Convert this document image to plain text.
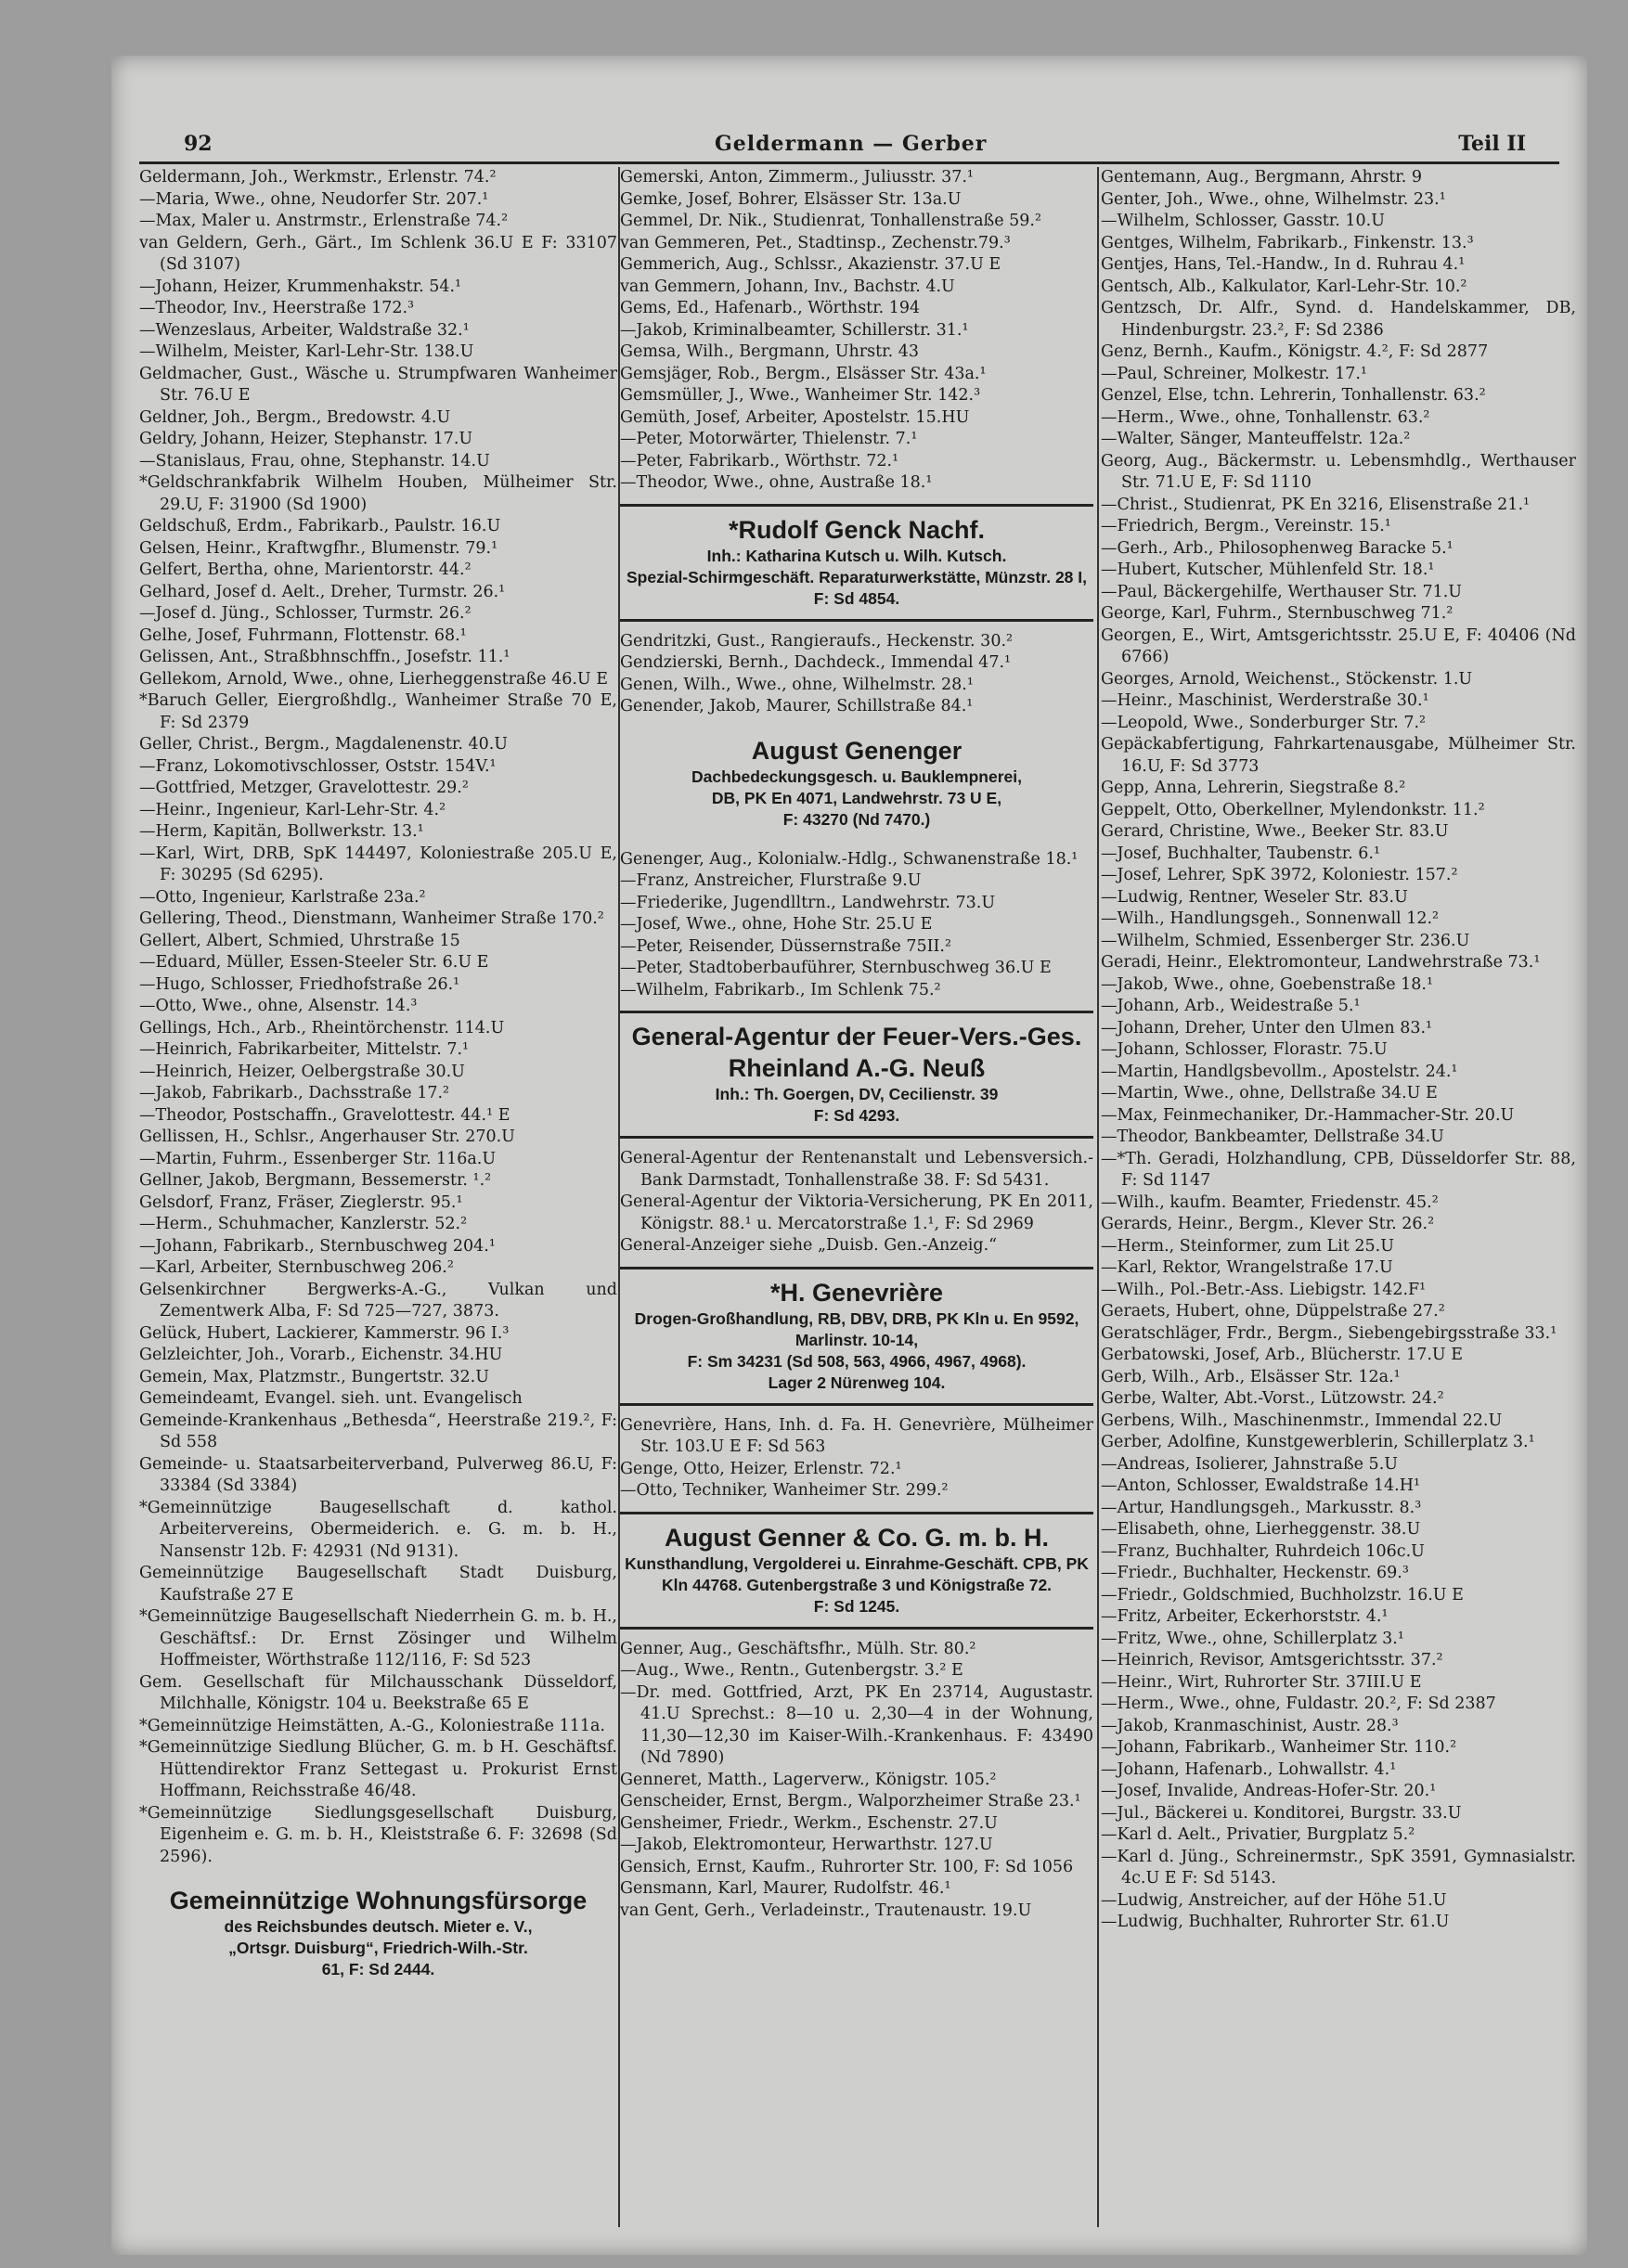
92	Geldermann — Gerber	Teil II

Geldermann, Joh., Werkmstr., Erlenstr. 74.²

—Maria, Wwe., ohne, Neudorfer Str. 207.¹

—Max, Maler u. Anstrmstr., Erlenstraße 74.²

van Geldern, Gerh., Gärt., Im Schlenk 36.U E F: 33107 (Sd 3107)

—Johann, Heizer, Krummenhakstr. 54.¹

—Theodor, Inv., Heerstraße 172.³

—Wenzeslaus, Arbeiter, Waldstraße 32.¹

—Wilhelm, Meister, Karl-Lehr-Str. 138.U

Geldmacher, Gust., Wäsche u. Strumpfwaren Wanheimer Str. 76.U E

Geldner, Joh., Bergm., Bredowstr. 4.U

Geldry, Johann, Heizer, Stephanstr. 17.U

—Stanislaus, Frau, ohne, Stephanstr. 14.U

*Geldschrankfabrik Wilhelm Houben, Mülheimer Str. 29.U, F: 31900 (Sd 1900)

Geldschuß, Erdm., Fabrikarb., Paulstr. 16.U

Gelsen, Heinr., Kraftwgfhr., Blumenstr. 79.¹

Gelfert, Bertha, ohne, Marientorstr. 44.²

Gelhard, Josef d. Aelt., Dreher, Turmstr. 26.¹

—Josef d. Jüng., Schlosser, Turmstr. 26.²

Gelhe, Josef, Fuhrmann, Flottenstr. 68.¹

Gelissen, Ant., Straßbhnschffn., Josefstr. 11.¹

Gellekom, Arnold, Wwe., ohne, Lierheggenstraße 46.U E

*Baruch Geller, Eiergroßhdlg., Wanheimer Straße 70 E, F: Sd 2379

Geller, Christ., Bergm., Magdalenenstr. 40.U

—Franz, Lokomotivschlosser, Oststr. 154V.¹

—Gottfried, Metzger, Gravelottestr. 29.²

—Heinr., Ingenieur, Karl-Lehr-Str. 4.²

—Herm, Kapitän, Bollwerkstr. 13.¹

—Karl, Wirt, DRB, SpK 144497, Koloniestraße 205.U E, F: 30295 (Sd 6295).

—Otto, Ingenieur, Karlstraße 23a.²

Gellering, Theod., Dienstmann, Wanheimer Straße 170.²

Gellert, Albert, Schmied, Uhrstraße 15

—Eduard, Müller, Essen-Steeler Str. 6.U E

—Hugo, Schlosser, Friedhofstraße 26.¹

—Otto, Wwe., ohne, Alsenstr. 14.³

Gellings, Hch., Arb., Rheintörchenstr. 114.U

—Heinrich, Fabrikarbeiter, Mittelstr. 7.¹

—Heinrich, Heizer, Oelbergstraße 30.U

—Jakob, Fabrikarb., Dachsstraße 17.²

—Theodor, Postschaffn., Gravelottestr. 44.¹ E

Gellissen, H., Schlsr., Angerhauser Str. 270.U

—Martin, Fuhrm., Essenberger Str. 116a.U

Gellner, Jakob, Bergmann, Bessemerstr. ¹.²

Gelsdorf, Franz, Fräser, Zieglerstr. 95.¹

—Herm., Schuhmacher, Kanzlerstr. 52.²

—Johann, Fabrikarb., Sternbuschweg 204.¹

—Karl, Arbeiter, Sternbuschweg 206.²

Gelsenkirchner Bergwerks-A.-G., Vulkan und Zementwerk Alba, F: Sd 725—727, 3873.

Gelück, Hubert, Lackierer, Kammerstr. 96 I.³

Gelzleichter, Joh., Vorarb., Eichenstr. 34.HU

Gemein, Max, Platzmstr., Bungertstr. 32.U

Gemeindeamt, Evangel. sieh. unt. Evangelisch

Gemeinde-Krankenhaus „Bethesda“, Heerstraße 219.², F: Sd 558

Gemeinde- u. Staatsarbeiterverband, Pulverweg 86.U, F: 33384 (Sd 3384)

*Gemeinnützige Baugesellschaft d. kathol. Arbeitervereins, Obermeiderich. e. G. m. b. H., Nansenstr 12b. F: 42931 (Nd 9131).

Gemeinnützige Baugesellschaft Stadt Duisburg, Kaufstraße 27 E

*Gemeinnützige Baugesellschaft Niederrhein G. m. b. H., Geschäftsf.: Dr. Ernst Zösinger und Wilhelm Hoffmeister, Wörthstraße 112/116, F: Sd 523

Gem. Gesellschaft für Milchausschank Düsseldorf, Milchhalle, Königstr. 104 u. Beekstraße 65 E

*Gemeinnützige Heimstätten, A.-G., Koloniestraße 111a.

*Gemeinnützige Siedlung Blücher, G. m. b H. Geschäftsf. Hüttendirektor Franz Settegast u. Prokurist Ernst Hoffmann, Reichsstraße 46/48.

*Gemeinnützige Siedlungsgesellschaft Duisburg, Eigenheim e. G. m. b. H., Kleiststraße 6. F: 32698 (Sd 2596).

Gemeinnützige Wohnungsfürsorge
des Reichsbundes deutsch. Mieter e. V.,
„Ortsgr. Duisburg“, Friedrich-Wilh.-Str.
61, F: Sd 2444.

Gemerski, Anton, Zimmerm., Juliusstr. 37.¹

Gemke, Josef, Bohrer, Elsässer Str. 13a.U

Gemmel, Dr. Nik., Studienrat, Tonhallenstraße 59.²

van Gemmeren, Pet., Stadtinsp., Zechenstr.79.³

Gemmerich, Aug., Schlssr., Akazienstr. 37.U E

van Gemmern, Johann, Inv., Bachstr. 4.U

Gems, Ed., Hafenarb., Wörthstr. 194

—Jakob, Kriminalbeamter, Schillerstr. 31.¹

Gemsa, Wilh., Bergmann, Uhrstr. 43

Gemsjäger, Rob., Bergm., Elsässer Str. 43a.¹

Gemsmüller, J., Wwe., Wanheimer Str. 142.³

Gemüth, Josef, Arbeiter, Apostelstr. 15.HU

—Peter, Motorwärter, Thielenstr. 7.¹

—Peter, Fabrikarb., Wörthstr. 72.¹

—Theodor, Wwe., ohne, Austraße 18.¹

*Rudolf Genck Nachf.
Inh.: Katharina Kutsch u. Wilh. Kutsch.
Spezial-Schirmgeschäft. Reparaturwerkstätte, Münzstr. 28 I, F: Sd 4854.

Gendritzki, Gust., Rangieraufs., Heckenstr. 30.²

Gendzierski, Bernh., Dachdeck., Immendal 47.¹

Genen, Wilh., Wwe., ohne, Wilhelmstr. 28.¹

Genender, Jakob, Maurer, Schillstraße 84.¹

August Genenger
Dachbedeckungsgesch. u. Bauklempnerei,
DB, PK En 4071, Landwehrstr. 73 U E,
F: 43270 (Nd 7470.)

Genenger, Aug., Kolonialw.-Hdlg., Schwanenstraße 18.¹

—Franz, Anstreicher, Flurstraße 9.U

—Friederike, Jugendlltrn., Landwehrstr. 73.U

—Josef, Wwe., ohne, Hohe Str. 25.U E

—Peter, Reisender, Düssernstraße 75II.²

—Peter, Stadtoberbauführer, Sternbuschweg 36.U E

—Wilhelm, Fabrikarb., Im Schlenk 75.²

General-Agentur der Feuer-Vers.-Ges. Rheinland A.-G. Neuß
Inh.: Th. Goergen, DV, Cecilienstr. 39
F: Sd 4293.

General-Agentur der Rentenanstalt und Lebensversich.-Bank Darmstadt, Tonhallenstraße 38. F: Sd 5431.

General-Agentur der Viktoria-Versicherung, PK En 2011, Königstr. 88.¹ u. Mercatorstraße 1.¹, F: Sd 2969

General-Anzeiger siehe „Duisb. Gen.-Anzeig.“

*H. Genevrière
Drogen-Großhandlung, RB, DBV, DRB, PK Kln u. En 9592, Marlinstr. 10-14,
F: Sm 34231 (Sd 508, 563, 4966, 4967, 4968).
Lager 2 Nürenweg 104.

Genevrière, Hans, Inh. d. Fa. H. Genevrière, Mülheimer Str. 103.U E F: Sd 563

Genge, Otto, Heizer, Erlenstr. 72.¹

—Otto, Techniker, Wanheimer Str. 299.²

August Genner & Co. G. m. b. H.
Kunsthandlung, Vergolderei u. Einrahme-Geschäft. CPB, PK Kln 44768. Gutenbergstraße 3 und Königstraße 72.
F: Sd 1245.

Genner, Aug., Geschäftsfhr., Mülh. Str. 80.²

—Aug., Wwe., Rentn., Gutenbergstr. 3.² E

—Dr. med. Gottfried, Arzt, PK En 23714, Augustastr. 41.U Sprechst.: 8—10 u. 2,30—4 in der Wohnung, 11,30—12,30 im Kaiser-Wilh.-Krankenhaus. F: 43490 (Nd 7890)

Genneret, Matth., Lagerverw., Königstr. 105.²

Genscheider, Ernst, Bergm., Walporzheimer Straße 23.¹

Gensheimer, Friedr., Werkm., Eschenstr. 27.U

—Jakob, Elektromonteur, Herwarthstr. 127.U

Gensich, Ernst, Kaufm., Ruhrorter Str. 100, F: Sd 1056

Gensmann, Karl, Maurer, Rudolfstr. 46.¹

van Gent, Gerh., Verladeinstr., Trautenaustr. 19.U

Gentemann, Aug., Bergmann, Ahrstr. 9

Genter, Joh., Wwe., ohne, Wilhelmstr. 23.¹

—Wilhelm, Schlosser, Gasstr. 10.U

Gentges, Wilhelm, Fabrikarb., Finkenstr. 13.³

Gentjes, Hans, Tel.-Handw., In d. Ruhrau 4.¹

Gentsch, Alb., Kalkulator, Karl-Lehr-Str. 10.²

Gentzsch, Dr. Alfr., Synd. d. Handelskammer, DB, Hindenburgstr. 23.², F: Sd 2386

Genz, Bernh., Kaufm., Königstr. 4.², F: Sd 2877

—Paul, Schreiner, Molkestr. 17.¹

Genzel, Else, tchn. Lehrerin, Tonhallenstr. 63.²

—Herm., Wwe., ohne, Tonhallenstr. 63.²

—Walter, Sänger, Manteuffelstr. 12a.²

Georg, Aug., Bäckermstr. u. Lebensmhdlg., Werthauser Str. 71.U E, F: Sd 1110

—Christ., Studienrat, PK En 3216, Elisenstraße 21.¹

—Friedrich, Bergm., Vereinstr. 15.¹

—Gerh., Arb., Philosophenweg Baracke 5.¹

—Hubert, Kutscher, Mühlenfeld Str. 18.¹

—Paul, Bäckergehilfe, Werthauser Str. 71.U

George, Karl, Fuhrm., Sternbuschweg 71.²

Georgen, E., Wirt, Amtsgerichtsstr. 25.U E, F: 40406 (Nd 6766)

Georges, Arnold, Weichenst., Stöckenstr. 1.U

—Heinr., Maschinist, Werderstraße 30.¹

—Leopold, Wwe., Sonderburger Str. 7.²

Gepäckabfertigung, Fahrkartenausgabe, Mülheimer Str. 16.U, F: Sd 3773

Gepp, Anna, Lehrerin, Siegstraße 8.²

Geppelt, Otto, Oberkellner, Mylendonkstr. 11.²

Gerard, Christine, Wwe., Beeker Str. 83.U

—Josef, Buchhalter, Taubenstr. 6.¹

—Josef, Lehrer, SpK 3972, Koloniestr. 157.²

—Ludwig, Rentner, Weseler Str. 83.U

—Wilh., Handlungsgeh., Sonnenwall 12.²

—Wilhelm, Schmied, Essenberger Str. 236.U

Geradi, Heinr., Elektromonteur, Landwehrstraße 73.¹

—Jakob, Wwe., ohne, Goebenstraße 18.¹

—Johann, Arb., Weidestraße 5.¹

—Johann, Dreher, Unter den Ulmen 83.¹

—Johann, Schlosser, Florastr. 75.U

—Martin, Handlgsbevollm., Apostelstr. 24.¹

—Martin, Wwe., ohne, Dellstraße 34.U E

—Max, Feinmechaniker, Dr.-Hammacher-Str. 20.U

—Theodor, Bankbeamter, Dellstraße 34.U

—*Th. Geradi, Holzhandlung, CPB, Düsseldorfer Str. 88, F: Sd 1147

—Wilh., kaufm. Beamter, Friedenstr. 45.²

Gerards, Heinr., Bergm., Klever Str. 26.²

—Herm., Steinformer, zum Lit 25.U

—Karl, Rektor, Wrangelstraße 17.U

—Wilh., Pol.-Betr.-Ass. Liebigstr. 142.F¹

Geraets, Hubert, ohne, Düppelstraße 27.²

Geratschläger, Frdr., Bergm., Siebengebirgsstraße 33.¹

Gerbatowski, Josef, Arb., Blücherstr. 17.U E

Gerb, Wilh., Arb., Elsässer Str. 12a.¹

Gerbe, Walter, Abt.-Vorst., Lützowstr. 24.²

Gerbens, Wilh., Maschinenmstr., Immendal 22.U

Gerber, Adolfine, Kunstgewerblerin, Schillerplatz 3.¹

—Andreas, Isolierer, Jahnstraße 5.U

—Anton, Schlosser, Ewaldstraße 14.H¹

—Artur, Handlungsgeh., Markusstr. 8.³

—Elisabeth, ohne, Lierheggenstr. 38.U

—Franz, Buchhalter, Ruhrdeich 106c.U

—Friedr., Buchhalter, Heckenstr. 69.³

—Friedr., Goldschmied, Buchholzstr. 16.U E

—Fritz, Arbeiter, Eckerhorststr. 4.¹

—Fritz, Wwe., ohne, Schillerplatz 3.¹

—Heinrich, Revisor, Amtsgerichtsstr. 37.²

—Heinr., Wirt, Ruhrorter Str. 37III.U E

—Herm., Wwe., ohne, Fuldastr. 20.², F: Sd 2387

—Jakob, Kranmaschinist, Austr. 28.³

—Johann, Fabrikarb., Wanheimer Str. 110.²

—Johann, Hafenarb., Lohwallstr. 4.¹

—Josef, Invalide, Andreas-Hofer-Str. 20.¹

—Jul., Bäckerei u. Konditorei, Burgstr. 33.U

—Karl d. Aelt., Privatier, Burgplatz 5.²

—Karl d. Jüng., Schreinermstr., SpK 3591, Gymnasialstr. 4c.U E F: Sd 5143.

—Ludwig, Anstreicher, auf der Höhe 51.U

—Ludwig, Buchhalter, Ruhrorter Str. 61.U
